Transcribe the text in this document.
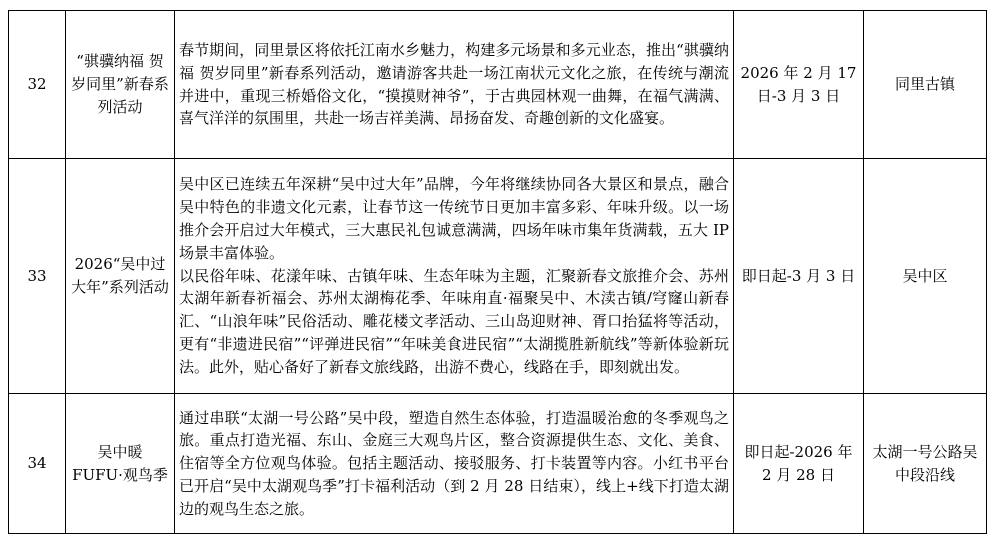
32	“骐骥纳福 贺岁同里”新春系列活动	春节期间，同里景区将依托江南水乡魅力，构建多元场景和多元业态，推出“骐骥纳福 贺岁同里”新春系列活动，邀请游客共赴一场江南状元文化之旅，在传统与潮流并进中，重现三桥婚俗文化，“摸摸财神爷”，于古典园林观一曲舞，在福气满满、喜气洋洋的氛围里，共赴一场吉祥美满、昂扬奋发、奇趣创新的文化盛宴。	2026 年 2 月 17 日-3 月 3 日	同里古镇
33	2026“吴中过大年”系列活动	吴中区已连续五年深耕“吴中过大年”品牌，今年将继续协同各大景区和景点，融合吴中特色的非遗文化元素，让春节这一传统节日更加丰富多彩、年味升级。以一场推介会开启过大年模式，三大惠民礼包诚意满满，四场年味市集年货满载，五大 IP 场景丰富体验。
以民俗年味、花漾年味、古镇年味、生态年味为主题，汇聚新春文旅推介会、苏州太湖年新春祈福会、苏州太湖梅花季、年味甪直·福聚吴中、木渎古镇/穹窿山新春汇、“山浪年味”民俗活动、雕花楼文孝活动、三山岛迎财神、胥口抬猛将等活动，更有“非遗进民宿”“评弹进民宿”“年味美食进民宿”“太湖揽胜新航线”等新体验新玩法。此外，贴心备好了新春文旅线路，出游不费心，线路在手，即刻就出发。	即日起-3 月 3 日	吴中区
34	吴中暖 FUFU·观鸟季	通过串联“太湖一号公路”吴中段，塑造自然生态体验，打造温暖治愈的冬季观鸟之旅。重点打造光福、东山、金庭三大观鸟片区，整合资源提供生态、文化、美食、住宿等全方位观鸟体验。包括主题活动、接驳服务、打卡装置等内容。小红书平台已开启“吴中太湖观鸟季”打卡福利活动（到 2 月 28 日结束），线上+线下打造太湖边的观鸟生态之旅。	即日起-2026 年 2 月 28 日	太湖一号公路吴中段沿线
